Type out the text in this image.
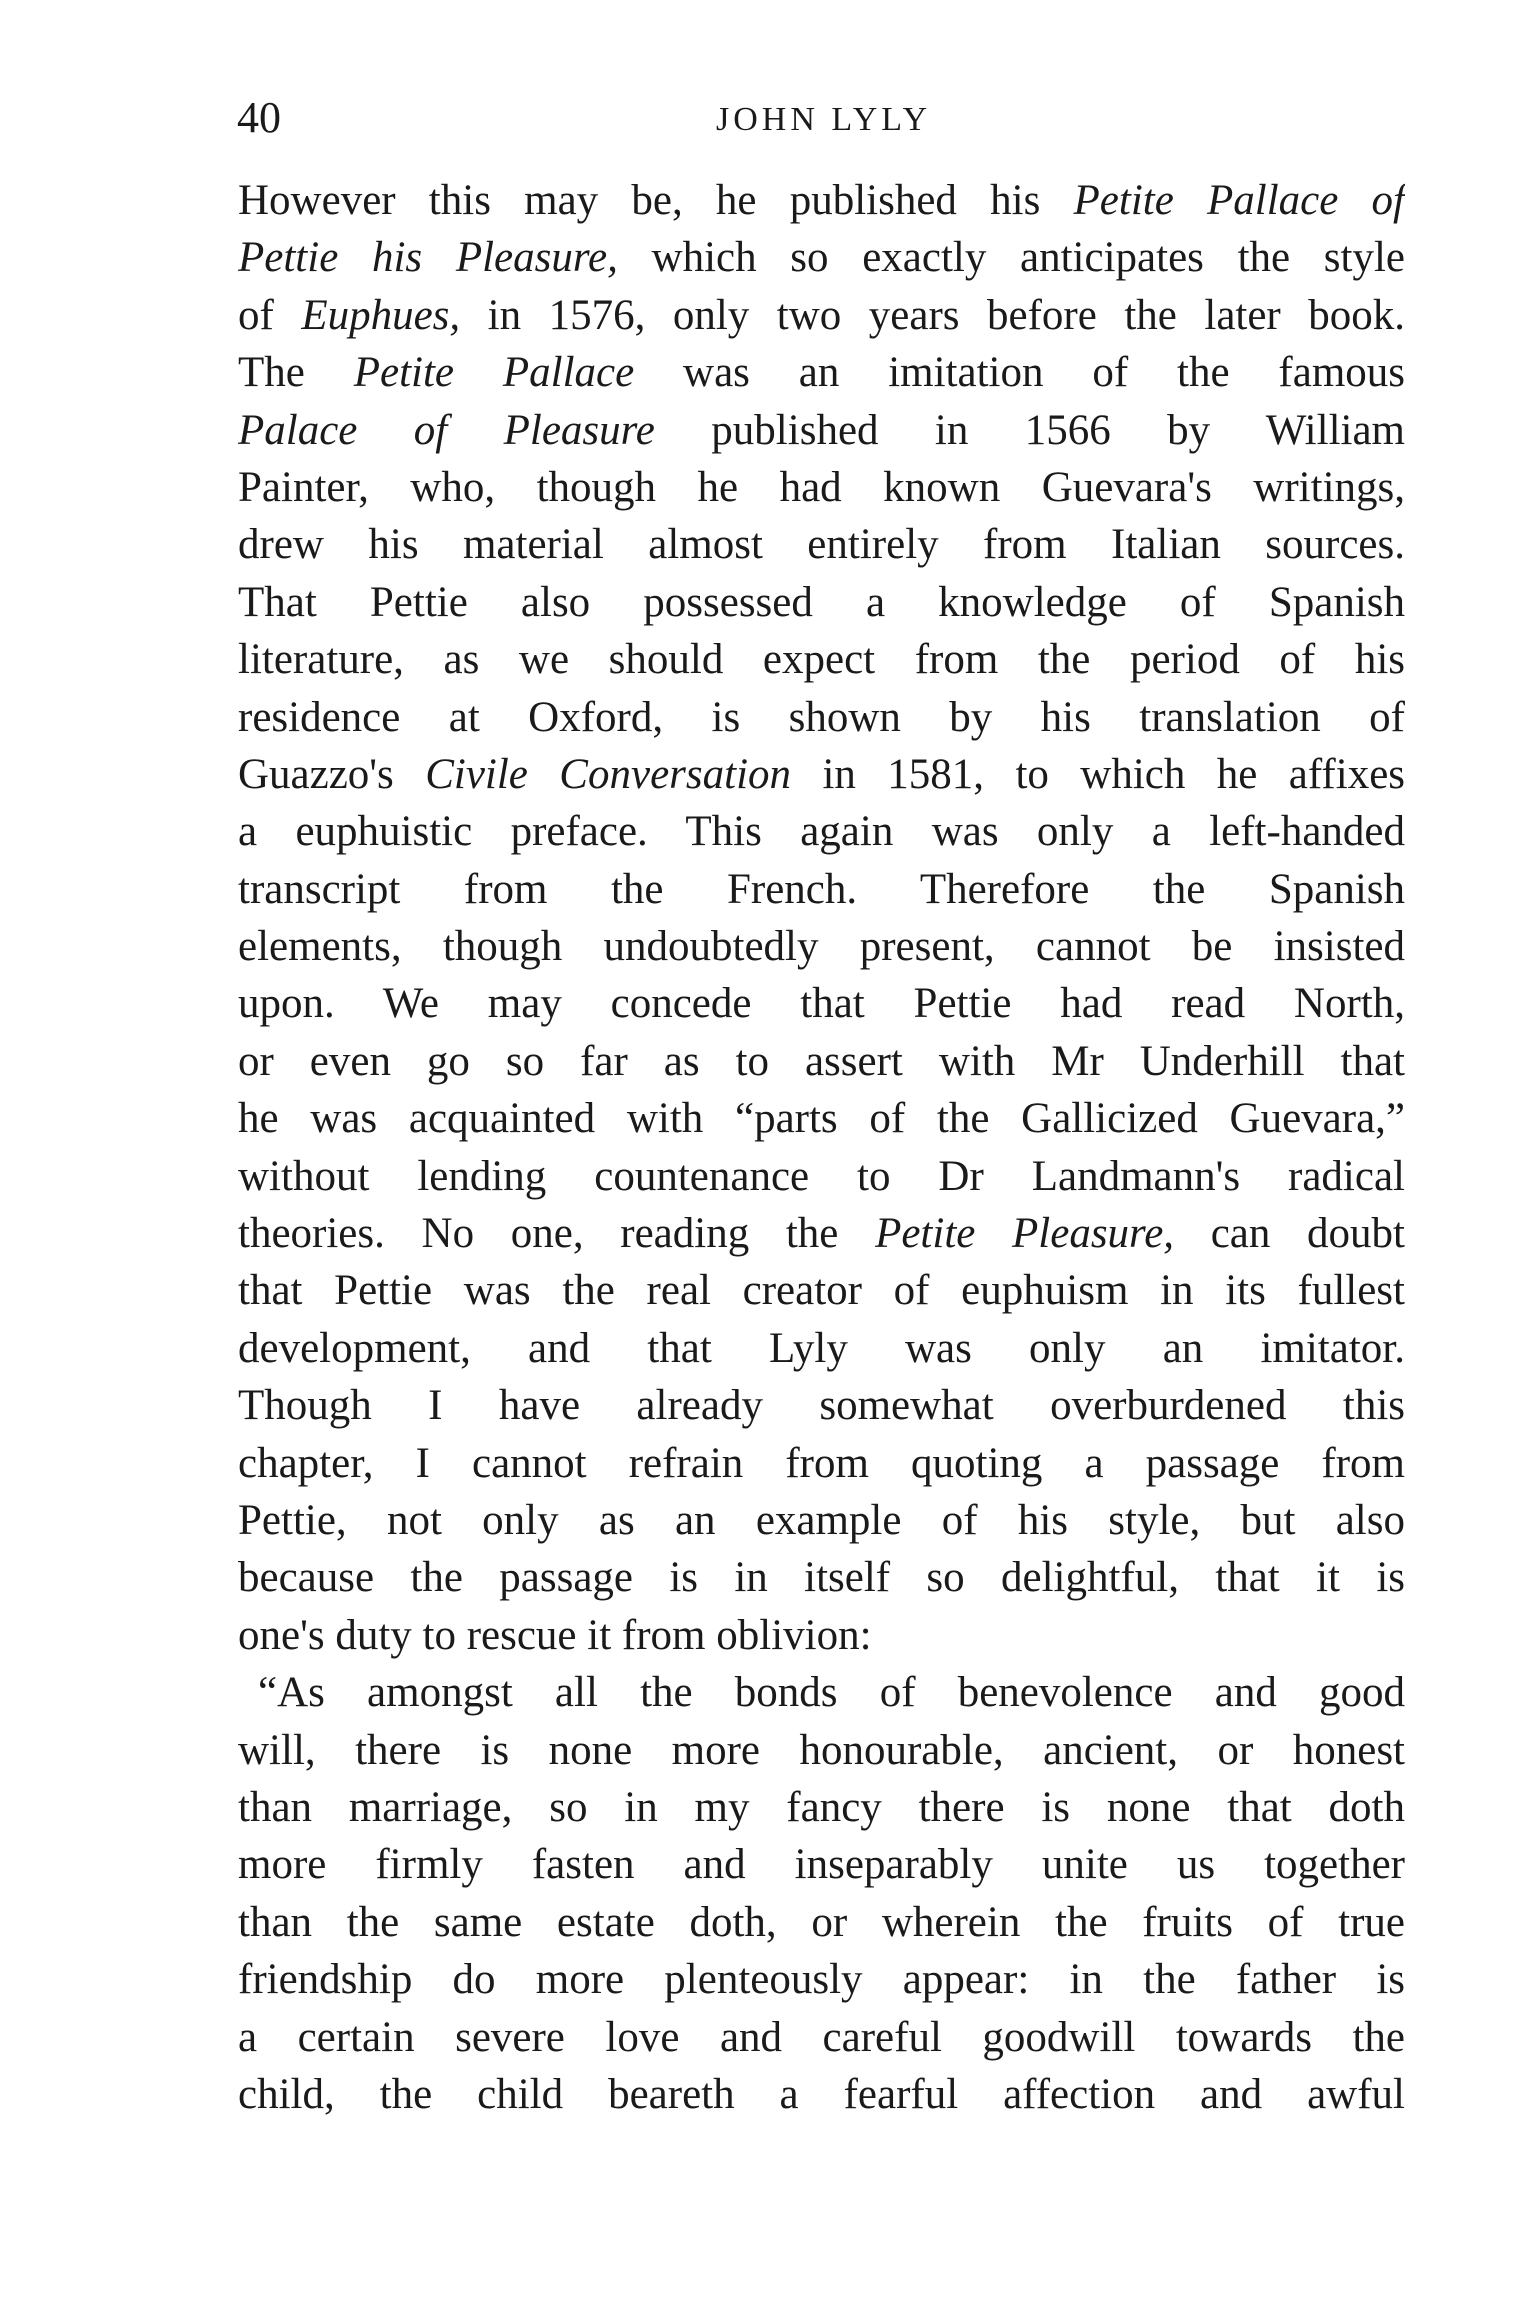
40	JOHN LYLY
However this may be, he published his Petite Pallace of
Pettie his Pleasure, which so exactly anticipates the style
of Euphues, in 1576, only two years before the later book.
The Petite Pallace was an imitation of the famous
Palace of Pleasure published in 1566 by William
Painter, who, though he had known Guevara's writings,
drew his material almost entirely from Italian sources.
That Pettie also possessed a knowledge of Spanish
literature, as we should expect from the period of his
residence at Oxford, is shown by his translation of
Guazzo's Civile Conversation in 1581, to which he affixes
a euphuistic preface. This again was only a left-handed
transcript from the French. Therefore the Spanish
elements, though undoubtedly present, cannot be insisted
upon. We may concede that Pettie had read North,
or even go so far as to assert with Mr Underhill that
he was acquainted with “parts of the Gallicized Guevara,”
without lending countenance to Dr Landmann's radical
theories. No one, reading the Petite Pleasure, can doubt
that Pettie was the real creator of euphuism in its fullest
development, and that Lyly was only an imitator.
Though I have already somewhat overburdened this
chapter, I cannot refrain from quoting a passage from
Pettie, not only as an example of his style, but also
because the passage is in itself so delightful, that it is
one's duty to rescue it from oblivion:
“As amongst all the bonds of benevolence and good
will, there is none more honourable, ancient, or honest
than marriage, so in my fancy there is none that doth
more firmly fasten and inseparably unite us together
than the same estate doth, or wherein the fruits of true
friendship do more plenteously appear: in the father is
a certain severe love and careful goodwill towards the
child, the child beareth a fearful affection and awful
